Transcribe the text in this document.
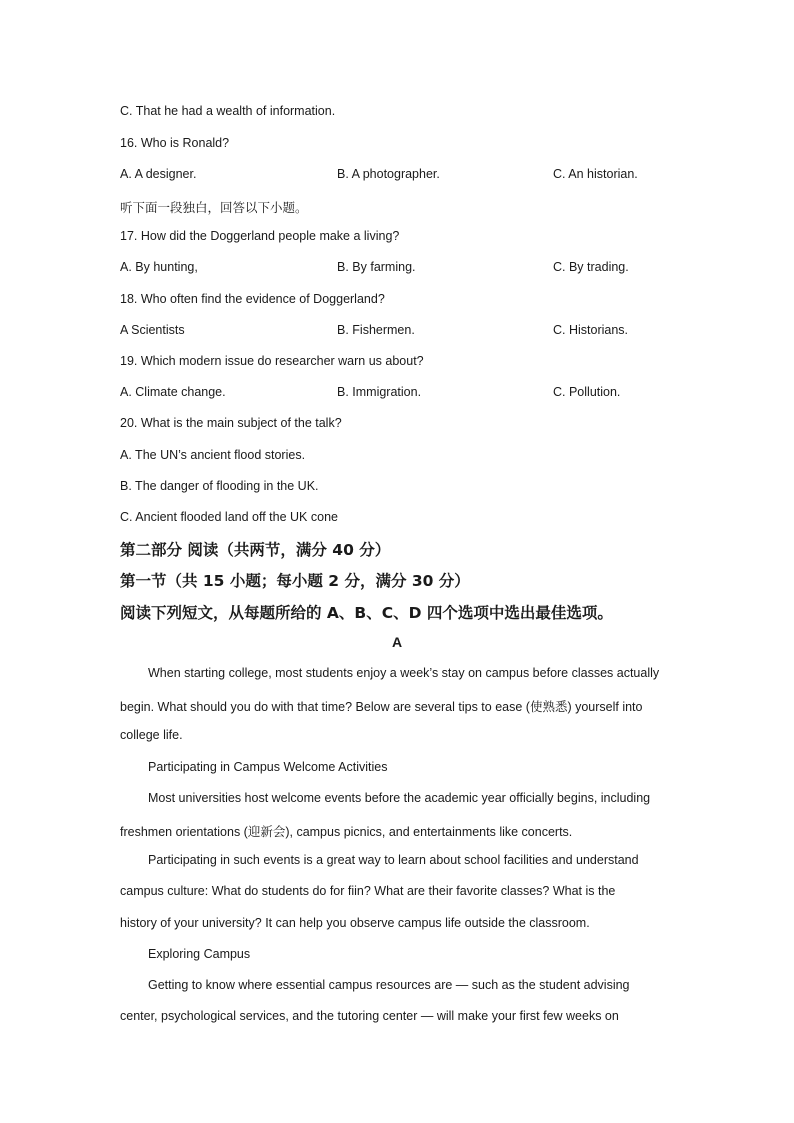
C. That he had a wealth of information.
16. Who is Ronald?
A. A designer.	B. A photographer.	C. An historian.
听下面一段独白，回答以下小题。
17. How did the Doggerland people make a living?
A. By hunting,	B. By farming.	C. By trading.
18. Who often find the evidence of Doggerland?
A Scientists	B. Fishermen.	C. Historians.
19. Which modern issue do researcher warn us about?
A. Climate change.	B. Immigration.	C. Pollution.
20. What is the main subject of the talk?
A. The UN’s ancient flood stories.
B. The danger of flooding in the UK.
C. Ancient flooded land off the UK cone
第二部分 阅读（共两节，满分 40 分）
第一节（共 15 小题；每小题 2 分，满分 30 分）
阅读下列短文，从每题所给的 A、B、C、D 四个选项中选出最佳选项。
A
When starting college, most students enjoy a week’s stay on campus before classes actually
begin. What should you do with that time? Below are several tips to ease (使熟悉) yourself into
college life.
Participating in Campus Welcome Activities
Most universities host welcome events before the academic year officially begins, including
freshmen orientations (迎新会), campus picnics, and entertainments like concerts.
Participating in such events is a great way to learn about school facilities and understand
campus culture: What do students do for fiin? What are their favorite classes? What is the
history of your university? It can help you observe campus life outside the classroom.
Exploring Campus
Getting to know where essential campus resources are — such as the student advising
center, psychological services, and the tutoring center — will make your first few weeks on
